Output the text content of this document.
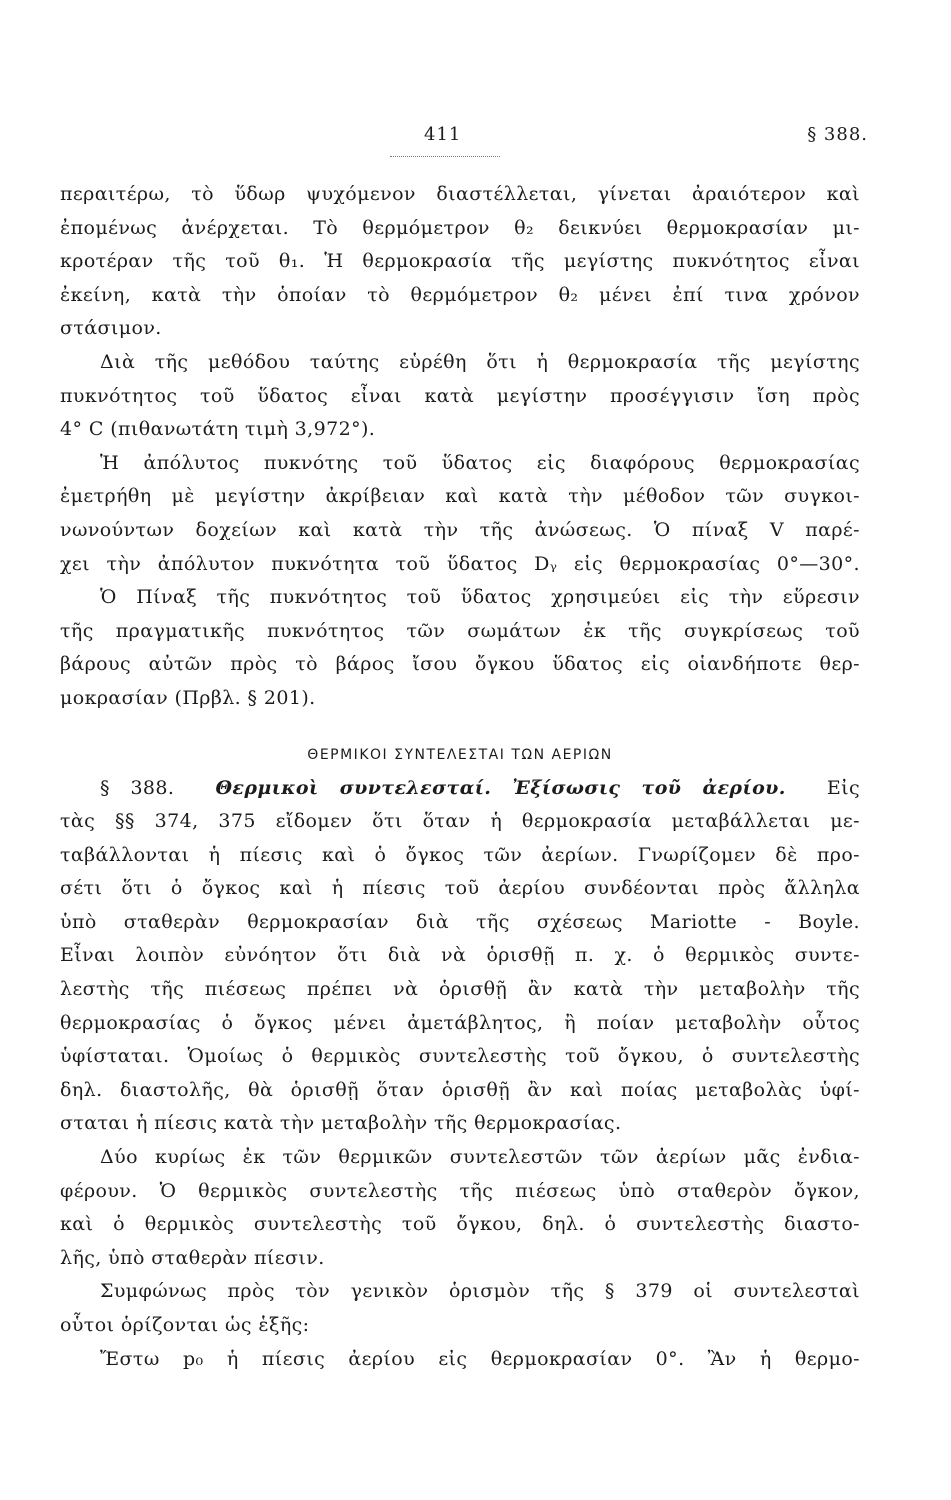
411	§ 388.
περαιτέρω, τὸ ὕδωρ ψυχόμενον διαστέλλεται, γίνεται ἀραιότερον καὶ
ἐπομένως ἀνέρχεται. Τὸ θερμόμετρον θ₂ δεικνύει θερμοκρασίαν μι-
κροτέραν τῆς τοῦ θ₁. Ἡ θερμοκρασία τῆς μεγίστης πυκνότητος εἶναι
ἐκείνη, κατὰ τὴν ὁποίαν τὸ θερμόμετρον θ₂ μένει ἐπί τινα χρόνον
στάσιμον.
Διὰ τῆς μεθόδου ταύτης εὑρέθη ὅτι ἡ θερμοκρασία τῆς μεγίστης
πυκνότητος τοῦ ὕδατος εἶναι κατὰ μεγίστην προσέγγισιν ἴση πρὸς
4° C (πιθανωτάτη τιμὴ 3,972°).
Ἡ ἀπόλυτος πυκνότης τοῦ ὕδατος εἰς διαφόρους θερμοκρασίας
ἐμετρήθη μὲ μεγίστην ἀκρίβειαν καὶ κατὰ τὴν μέθοδον τῶν συγκοι-
νωνούντων δοχείων καὶ κατὰ τὴν τῆς ἀνώσεως. Ὁ πίναξ V παρέ-
χει τὴν ἀπόλυτον πυκνότητα τοῦ ὕδατος Dᵧ εἰς θερμοκρασίας 0°—30°.
Ὁ Πίναξ τῆς πυκνότητος τοῦ ὕδατος χρησιμεύει εἰς τὴν εὕρεσιν
τῆς πραγματικῆς πυκνότητος τῶν σωμάτων ἐκ τῆς συγκρίσεως τοῦ
βάρους αὐτῶν πρὸς τὸ βάρος ἴσου ὄγκου ὕδατος εἰς οἱανδήποτε θερ-
μοκρασίαν (Πρβλ. § 201).
ΘΕΡΜΙΚΟΙ ΣΥΝΤΕΛΕΣΤΑΙ ΤΩΝ ΑΕΡΙΩΝ
§ 388. Θερμικοὶ συντελεσταί. Ἐξίσωσις τοῦ ἀερίου. Εἰς
τὰς §§ 374, 375 εἴδομεν ὅτι ὅταν ἡ θερμοκρασία μεταβάλλεται με-
ταβάλλονται ἡ πίεσις καὶ ὁ ὄγκος τῶν ἀερίων. Γνωρίζομεν δὲ προ-
σέτι ὅτι ὁ ὄγκος καὶ ἡ πίεσις τοῦ ἀερίου συνδέονται πρὸς ἄλληλα
ὑπὸ σταθερὰν θερμοκρασίαν διὰ τῆς σχέσεως Mariotte - Boyle.
Εἶναι λοιπὸν εὐνόητον ὅτι διὰ νὰ ὁρισθῇ π. χ. ὁ θερμικὸς συντε-
λεστὴς τῆς πιέσεως πρέπει νὰ ὁρισθῇ ἂν κατὰ τὴν μεταβολὴν τῆς
θερμοκρασίας ὁ ὄγκος μένει ἀμετάβλητος, ἢ ποίαν μεταβολὴν οὗτος
ὑφίσταται. Ὁμοίως ὁ θερμικὸς συντελεστὴς τοῦ ὄγκου, ὁ συντελεστὴς
δηλ. διαστολῆς, θὰ ὁρισθῇ ὅταν ὁρισθῇ ἂν καὶ ποίας μεταβολὰς ὑφί-
σταται ἡ πίεσις κατὰ τὴν μεταβολὴν τῆς θερμοκρασίας.
Δύο κυρίως ἐκ τῶν θερμικῶν συντελεστῶν τῶν ἀερίων μᾶς ἐνδια-
φέρουν. Ὁ θερμικὸς συντελεστὴς τῆς πιέσεως ὑπὸ σταθερὸν ὄγκον,
καὶ ὁ θερμικὸς συντελεστὴς τοῦ ὄγκου, δηλ. ὁ συντελεστὴς διαστο-
λῆς, ὑπὸ σταθερὰν πίεσιν.
Συμφώνως πρὸς τὸν γενικὸν ὁρισμὸν τῆς § 379 οἱ συντελεσταὶ
οὗτοι ὁρίζονται ὡς ἑξῆς:
Ἔστω p₀ ἡ πίεσις ἀερίου εἰς θερμοκρασίαν 0°. Ἂν ἡ θερμο-
